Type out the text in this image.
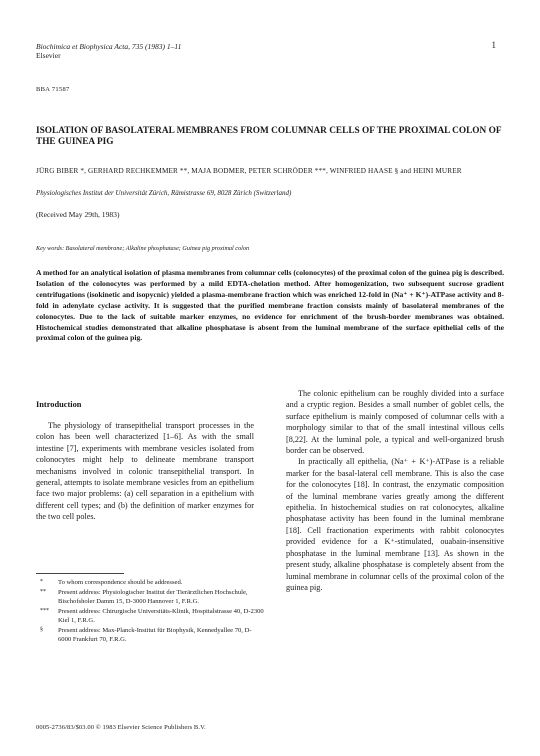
Biochimica et Biophysica Acta, 735 (1983) 1–11
Elsevier
1
BBA 71587
ISOLATION OF BASOLATERAL MEMBRANES FROM COLUMNAR CELLS OF THE PROXIMAL COLON OF THE GUINEA PIG
JÜRG BIBER *, GERHARD RECHKEMMER **, MAJA BODMER, PETER SCHRÖDER ***, WINFRIED HAASE § and HEINI MURER
Physiologisches Institut der Universität Zürich, Rämistrasse 69, 8028 Zürich (Switzerland)
(Received May 29th, 1983)
Key words: Basolateral membrane; Alkaline phosphatase; Guinea pig proximal colon
A method for an analytical isolation of plasma membranes from columnar cells (colonocytes) of the proximal colon of the guinea pig is described. Isolation of the colonocytes was performed by a mild EDTA-chelation method. After homogenization, two subsequent sucrose gradient centrifugations (isokinetic and isopycnic) yielded a plasma-membrane fraction which was enriched 12-fold in (Na⁺ + K⁺)-ATPase activity and 8-fold in adenylate cyclase activity. It is suggested that the purified membrane fraction consists mainly of basolateral membranes of the colonocytes. Due to the lack of suitable marker enzymes, no evidence for enrichment of the brush-border membranes was obtained. Histochemical studies demonstrated that alkaline phosphatase is absent from the luminal membrane of the surface epithelial cells of the proximal colon of the guinea pig.
Introduction

The physiology of transepithelial transport processes in the colon has been well characterized [1–6]. As with the small intestine [7], experiments with membrane vesicles isolated from colonocytes might help to delineate membrane transport mechanisms involved in colonic transepithelial transport. In general, attempts to isolate membrane vesicles from an epithelium face two major problems: (a) cell separation in a epithelium with different cell types; and (b) the definition of marker enzymes for the two cell poles.

The colonic epithelium can be roughly divided into a surface and a cryptic region. Besides a small number of goblet cells, the surface epithelium is mainly composed of columnar cells with a morphology similar to that of the small intestinal villous cells [8,22]. At the luminal pole, a typical and well-organized brush border can be observed.

In practically all epithelia, (Na⁺ + K⁺)-ATPase is a reliable marker for the basal-lateral cell membrane. This is also the case for the colonocytes [18]. In contrast, the enzymatic composition of the luminal membrane varies greatly among the different epithelia. In histochemical studies on rat colonocytes, alkaline phosphatase activity has been found in the luminal membrane [18]. Cell fractionation experiments with rabbit colonocytes provided evidence for a K⁺-stimulated, ouabain-insensitive phosphatase in the luminal membrane [13]. As shown in the present study, alkaline phosphatase is completely absent from the luminal membrane in columnar cells of the proximal colon of the guinea pig.

* To whom correspondence should be addressed.
** Present address: Physiologischer Institut der Tierärztlichen Hochschule, Bischofsholer Damm 15, D-3000 Hannover 1, F.R.G.
*** Present address: Chirurgische Universitäts-Klinik, Hospitalstrasse 40, D-2300 Kiel 1, F.R.G.
§ Present address: Max-Planck-Institut für Biophysik, Kennedyallee 70, D-6000 Frankfurt 70, F.R.G.
0005-2736/83/$03.00 © 1983 Elsevier Science Publishers B.V.
